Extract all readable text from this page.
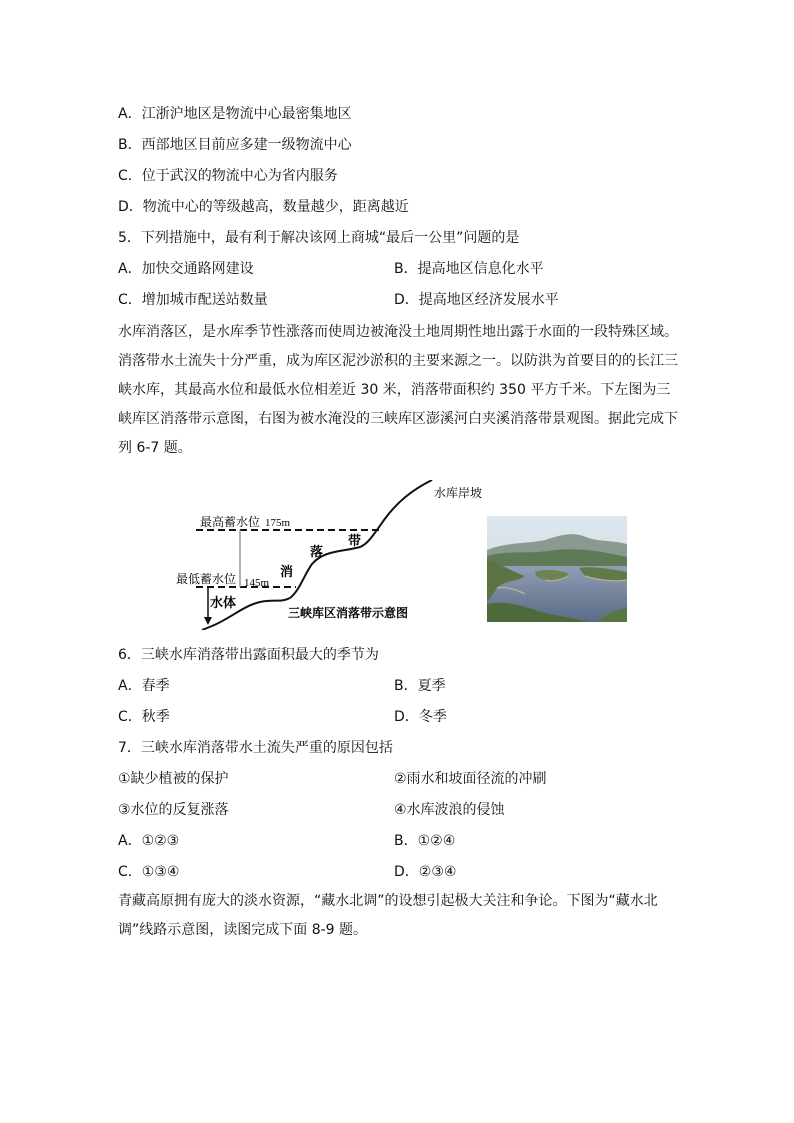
A．江浙沪地区是物流中心最密集地区
B．西部地区目前应多建一级物流中心
C．位于武汉的物流中心为省内服务
D．物流中心的等级越高，数量越少，距离越近
5．下列措施中，最有利于解决该网上商城“最后一公里”问题的是
A．加快交通路网建设	B．提高地区信息化水平
C．增加城市配送站数量	D．提高地区经济发展水平
水库消落区，是水库季节性涨落而使周边被淹没土地周期性地出露于水面的一段特殊区域。消落带水土流失十分严重，成为库区泥沙淤积的主要来源之一。以防洪为首要目的的长江三峡水库，其最高水位和最低水位相差近 30 米，消落带面积约 350 平方千米。下左图为三峡库区消落带示意图，右图为被水淹没的三峡库区澎溪河白夹溪消落带景观图。据此完成下列 6-7 题。
水库岸坡
最高蓄水位 175m
最低蓄水位 145m
水体
消
落
带
三峡库区消落带示意图
6．三峡水库消落带出露面积最大的季节为
A．春季	B．夏季
C．秋季	D．冬季
7．三峡水库消落带水土流失严重的原因包括
①缺少植被的保护	②雨水和坡面径流的冲刷
③水位的反复涨落	④水库波浪的侵蚀
A．①②③	B．①②④
C．①③④	D．②③④
青藏高原拥有庞大的淡水资源，“藏水北调”的设想引起极大关注和争论。下图为“藏水北调”线路示意图，读图完成下面 8-9 题。
